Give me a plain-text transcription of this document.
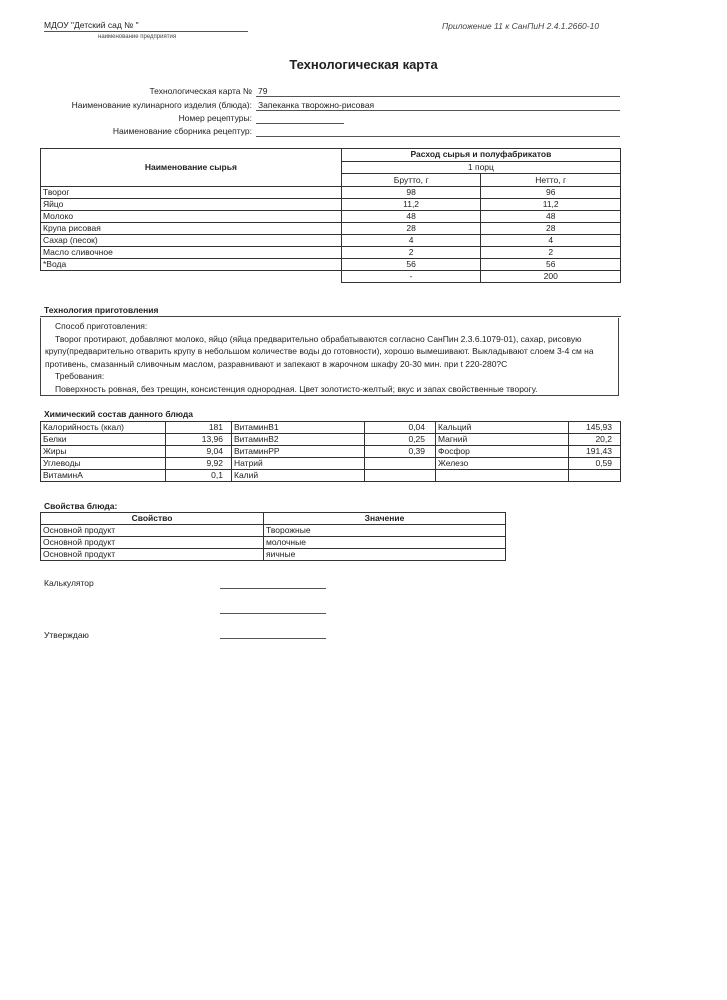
МДОУ "Детский сад № "
наименование предприятия
Приложение 11 к СанПиН 2.4.1.2660-10
Технологическая карта
Технологическая карта № 79
Наименование кулинарного изделия (блюда): Запеканка творожно-рисовая
Номер рецептуры:
Наименование сборника рецептур:
Наименование сырья	Расход сырья и полуфабрикатов	
	1 порц	
	Брутто, г	Нетто, г
Творог	98	96
Яйцо	11,2	11,2
Молоко	48	48
Крупа рисовая	28	28
Сахар (песок)	4	4
Масло сливочное	2	2
*Вода	56	56
	-	200
Технология приготовления
Способ приготовления:
Творог протирают, добавляют молоко, яйцо (яйца предварительно обрабатываются согласно СанПин 2.3.6.1079-01), сахар, рисовую крупу(предварительно отварить крупу в небольшом количестве воды до готовности), хорошо вымешивают. Выкладывают слоем 3-4 см на противень, смазанный сливочным маслом, разравнивают и запекают в жарочном шкафу 20-30 мин. при t 220-280?С
Требования:
Поверхность ровная, без трещин, консистенция однородная. Цвет золотисто-желтый; вкус и запах свойственные творогу.
Химический состав данного блюда
Калорийность (ккал)	181	ВитаминB1	0,04	Кальций	145,93
Белки	13,96	ВитаминB2	0,25	Магний	20,2
Жиры	9,04	ВитаминPP	0,39	Фосфор	191,43
Углеводы	9,92	Натрий		Железо	0,59
ВитаминA	0,1	Калий			
Свойства блюда:
Свойство	Значение
Основной продукт	Творожные
Основной продукт	молочные
Основной продукт	яичные
Калькулятор
Утверждаю
